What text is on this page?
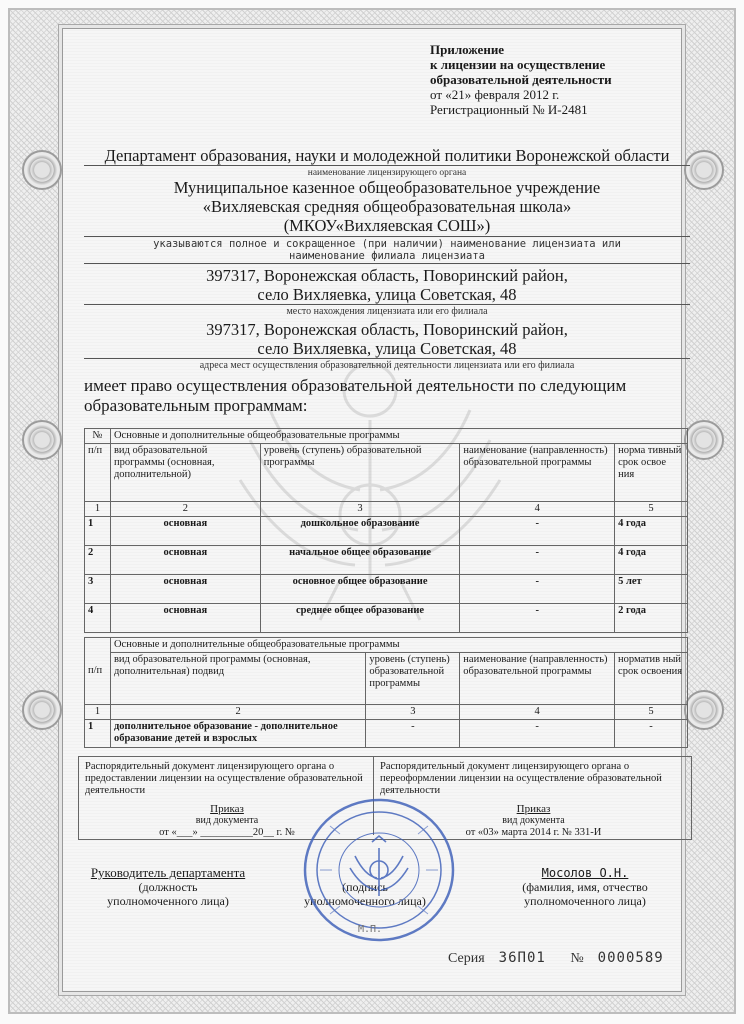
Приложение
к лицензии на осуществление
образовательной деятельности
от «21» февраля 2012 г.
Регистрационный № И-2481
Департамент образования, науки и молодежной политики Воронежской области
наименование лицензирующего органа
Муниципальное казенное общеобразовательное учреждение
«Вихляевская средняя общеобразовательная школа»
(МКОУ«Вихляевская СОШ»)
указываются полное и сокращенное (при наличии) наименование лицензиата или
наименование филиала лицензиата
397317, Воронежская область, Поворинский район,
село Вихляевка, улица Советская, 48
место нахождения лицензиата или его филиала
397317, Воронежская область, Поворинский район,
село Вихляевка, улица Советская, 48
адреса мест осуществления образовательной деятельности лицензиата или его филиала
имеет право осуществления образовательной деятельности по следующим
образовательным программам:
№	Основные и дополнительные общеобразовательные программы			
п/п	вид образовательной программы (основная, дополнительной)	уровень (ступень) образовательной программы	наименование (направленность) образовательной программы	норма тивный срок освое ния
1	2	3	4	5
1	основная	дошкольное образование	-	4 года
2	основная	начальное общее образование	-	4 года
3	основная	основное общее образование	-	5 лет
4	основная	среднее общее образование	-	2 года
п/п	Основные и дополнительные общеобразовательные программы			
	вид образовательной программы (основная, дополнительная) подвид	уровень (ступень) образовательной программы	наименование (направленность) образовательной программы	норматив ный срок освоения
1	2	3	4	5
1	дополнительное образование - дополнительное образование детей и взрослых	-	-	-
Распорядительный документ лицензирующего органа о предоставлении лицензии на осуществление образовательной деятельности
Приказ
вид документа
от «___» __________20__ г. №
Распорядительный документ лицензирующего органа о переоформлении лицензии на осуществление образовательной деятельности
Приказ
вид документа
от «03» марта 2014 г. № 331-И
Руководитель департамента
(должность
уполномоченного лица)
(подпись
уполномоченного лица)
Мосолов О.Н.
(фамилия, имя, отчество
уполномоченного лица)
М.П.
Серия 36П01 № 0000589
